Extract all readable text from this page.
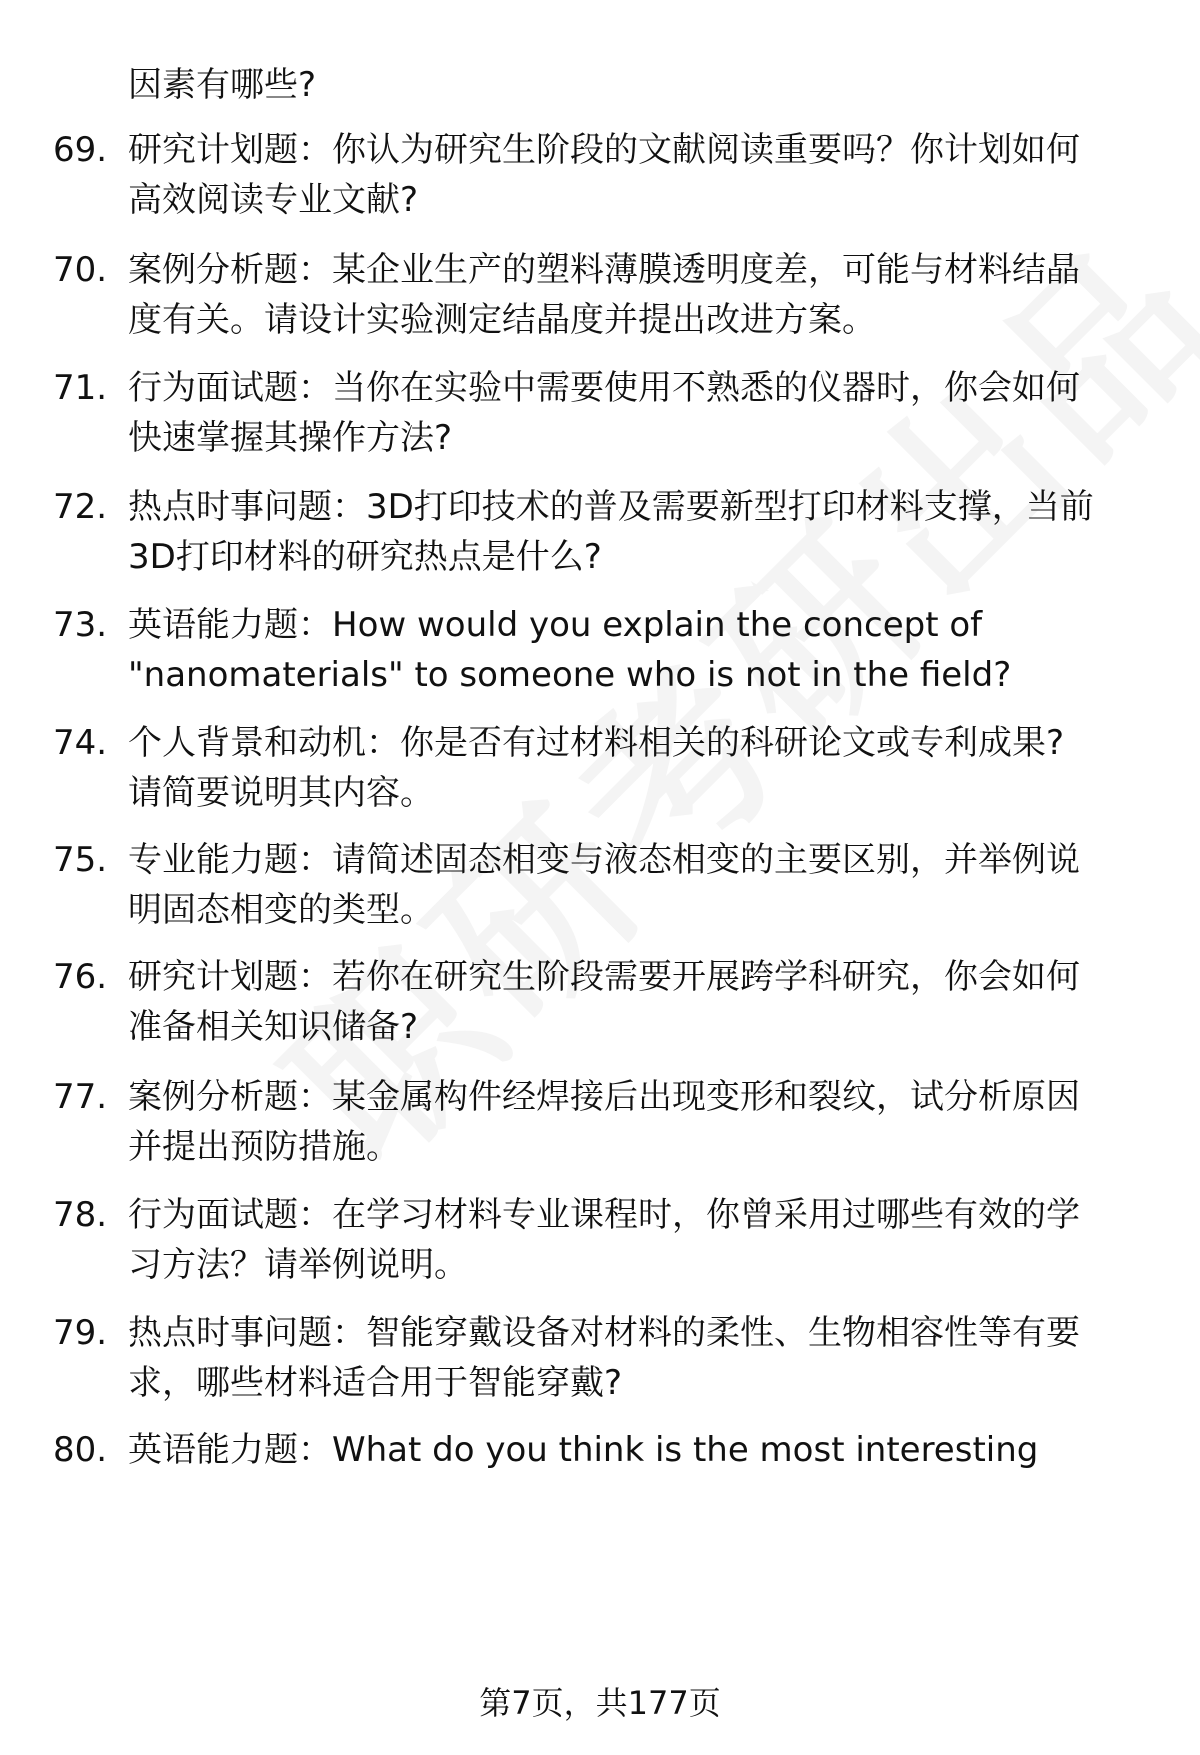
因素有哪些?
69. 研究计划题：你认为研究生阶段的文献阅读重要吗？你计划如何
高效阅读专业文献?
70. 案例分析题：某企业生产的塑料薄膜透明度差，可能与材料结晶
度有关。请设计实验测定结晶度并提出改进方案。
71. 行为面试题：当你在实验中需要使用不熟悉的仪器时，你会如何
快速掌握其操作方法?
72. 热点时事问题：3D打印技术的普及需要新型打印材料支撑，当前
3D打印材料的研究热点是什么?
73. 英语能力题：How would you explain the concept of
"nanomaterials" to someone who is not in the field?
74. 个人背景和动机：你是否有过材料相关的科研论文或专利成果?
请简要说明其内容。
75. 专业能力题：请简述固态相变与液态相变的主要区别，并举例说
明固态相变的类型。
76. 研究计划题：若你在研究生阶段需要开展跨学科研究，你会如何
准备相关知识储备?
77. 案例分析题：某金属构件经焊接后出现变形和裂纹，试分析原因
并提出预防措施。
78. 行为面试题：在学习材料专业课程时，你曾采用过哪些有效的学
习方法？请举例说明。
79. 热点时事问题：智能穿戴设备对材料的柔性、生物相容性等有要
求，哪些材料适合用于智能穿戴?
80. 英语能力题：What do you think is the most interesting
第7页，共177页
